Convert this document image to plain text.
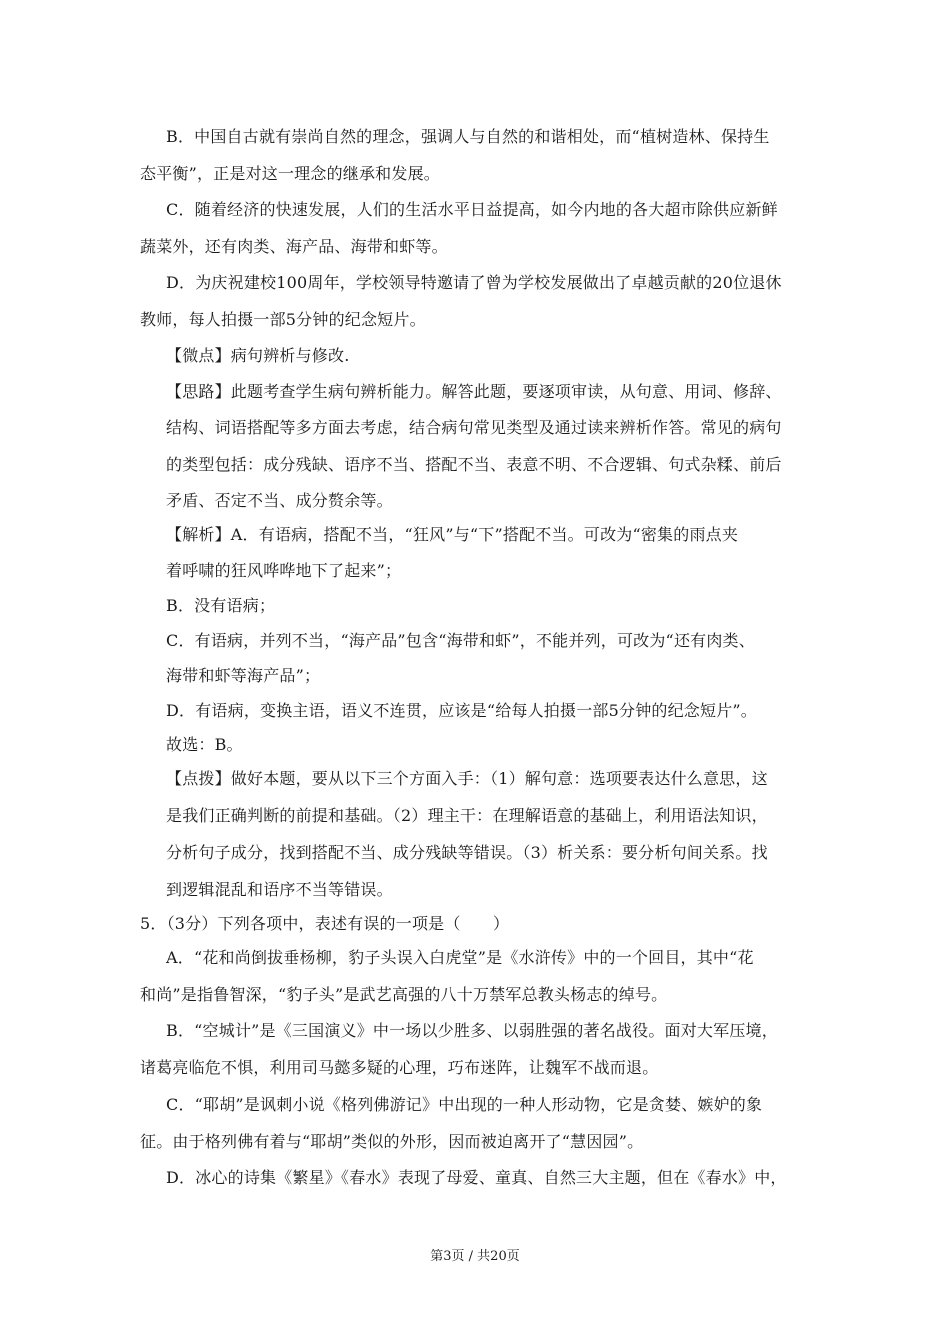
B．中国自古就有崇尚自然的理念，强调人与自然的和谐相处，而“植树造林、保持生
态平衡”，正是对这一理念的继承和发展。
C．随着经济的快速发展，人们的生活水平日益提高，如今内地的各大超市除供应新鲜
蔬菜外，还有肉类、海产品、海带和虾等。
D．为庆祝建校100周年，学校领导特邀请了曾为学校发展做出了卓越贡献的20位退休
教师，每人拍摄一部5分钟的纪念短片。
【微点】病句辨析与修改.
【思路】此题考查学生病句辨析能力。解答此题，要逐项审读，从句意、用词、修辞、
结构、词语搭配等多方面去考虑，结合病句常见类型及通过读来辨析作答。常见的病句
的类型包括：成分残缺、语序不当、搭配不当、表意不明、不合逻辑、句式杂糅、前后
矛盾、否定不当、成分赘余等。
【解析】A．有语病，搭配不当，“狂风”与“下”搭配不当。可改为“密集的雨点夹
着呼啸的狂风哗哗地下了起来”；
B．没有语病；
C．有语病，并列不当，“海产品”包含“海带和虾”，不能并列，可改为“还有肉类、
海带和虾等海产品”；
D．有语病，变换主语，语义不连贯，应该是“给每人拍摄一部5分钟的纪念短片”。
故选：B。
【点拨】做好本题，要从以下三个方面入手：（1）解句意：选项要表达什么意思，这
是我们正确判断的前提和基础。（2）理主干：在理解语意的基础上，利用语法知识，
分析句子成分，找到搭配不当、成分残缺等错误。（3）析关系：要分析句间关系。找
到逻辑混乱和语序不当等错误。
5．（3分）下列各项中，表述有误的一项是（　　）
A．“花和尚倒拔垂杨柳，豹子头误入白虎堂”是《水浒传》中的一个回目，其中“花
和尚”是指鲁智深，“豹子头”是武艺高强的八十万禁军总教头杨志的绰号。
B．“空城计”是《三国演义》中一场以少胜多、以弱胜强的著名战役。面对大军压境，
诸葛亮临危不惧，利用司马懿多疑的心理，巧布迷阵，让魏军不战而退。
C．“耶胡”是讽刺小说《格列佛游记》中出现的一种人形动物，它是贪婪、嫉妒的象
征。由于格列佛有着与“耶胡”类似的外形，因而被迫离开了“慧因园”。
D．冰心的诗集《繁星》《春水》表现了母爱、童真、自然三大主题，但在《春水》中，
第3页 / 共20页
